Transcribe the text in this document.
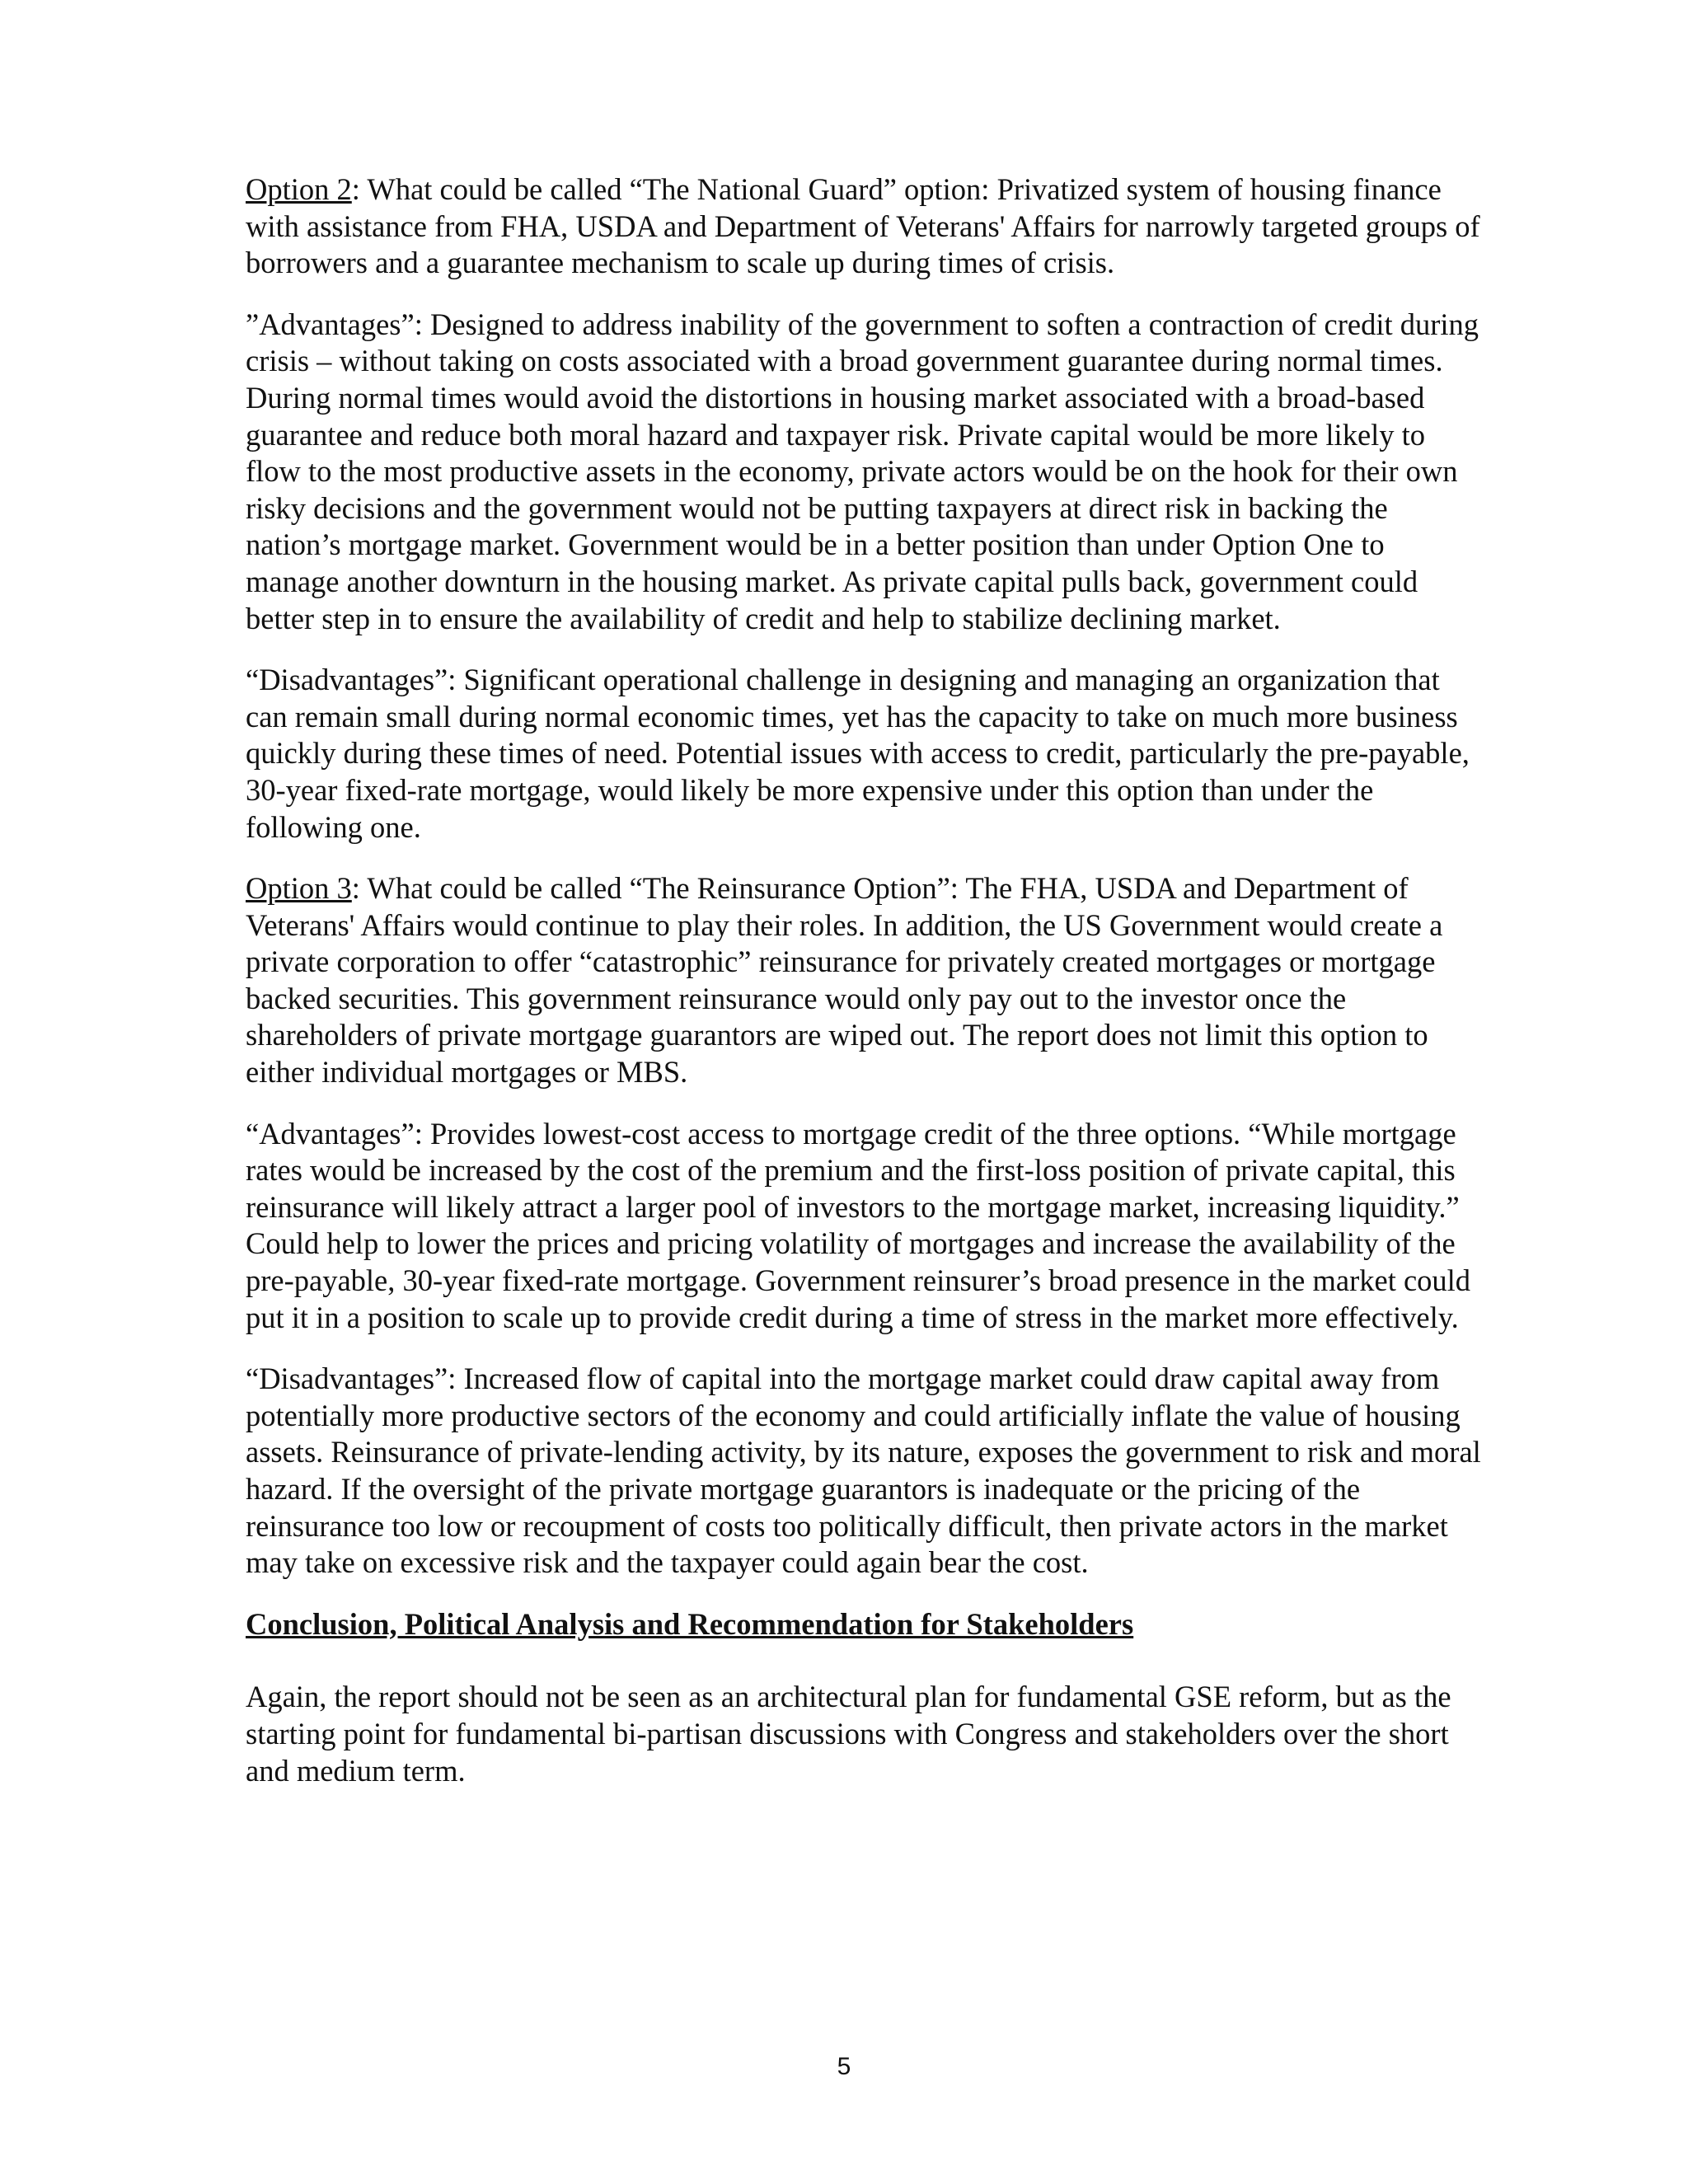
Option 2: What could be called “The National Guard” option: Privatized system of housing finance with assistance from FHA, USDA and Department of Veterans' Affairs for narrowly targeted groups of borrowers and a guarantee mechanism to scale up during times of crisis.

”Advantages”: Designed to address inability of the government to soften a contraction of credit during crisis – without taking on costs associated with a broad government guarantee during normal times. During normal times would avoid the distortions in housing market associated with a broad-based guarantee and reduce both moral hazard and taxpayer risk. Private capital would be more likely to flow to the most productive assets in the economy, private actors would be on the hook for their own risky decisions and the government would not be putting taxpayers at direct risk in backing the nation’s mortgage market. Government would be in a better position than under Option One to manage another downturn in the housing market. As private capital pulls back, government could better step in to ensure the availability of credit and help to stabilize declining market.

“Disadvantages”: Significant operational challenge in designing and managing an organization that can remain small during normal economic times, yet has the capacity to take on much more business quickly during these times of need. Potential issues with access to credit, particularly the pre-payable, 30-year fixed-rate mortgage, would likely be more expensive under this option than under the following one.

Option 3: What could be called “The Reinsurance Option”: The FHA, USDA and Department of Veterans' Affairs would continue to play their roles. In addition, the US Government would create a private corporation to offer “catastrophic” reinsurance for privately created mortgages or mortgage backed securities. This government reinsurance would only pay out to the investor once the shareholders of private mortgage guarantors are wiped out. The report does not limit this option to either individual mortgages or MBS.

“Advantages”: Provides lowest-cost access to mortgage credit of the three options. “While mortgage rates would be increased by the cost of the premium and the first-loss position of private capital, this reinsurance will likely attract a larger pool of investors to the mortgage market, increasing liquidity.” Could help to lower the prices and pricing volatility of mortgages and increase the availability of the pre-payable, 30-year fixed-rate mortgage. Government reinsurer’s broad presence in the market could put it in a position to scale up to provide credit during a time of stress in the market more effectively.

“Disadvantages”: Increased flow of capital into the mortgage market could draw capital away from potentially more productive sectors of the economy and could artificially inflate the value of housing assets. Reinsurance of private-lending activity, by its nature, exposes the government to risk and moral hazard. If the oversight of the private mortgage guarantors is inadequate or the pricing of the reinsurance too low or recoupment of costs too politically difficult, then private actors in the market may take on excessive risk and the taxpayer could again bear the cost.

Conclusion, Political Analysis and Recommendation for Stakeholders

Again, the report should not be seen as an architectural plan for fundamental GSE reform, but as the starting point for fundamental bi-partisan discussions with Congress and stakeholders over the short and medium term.

5
